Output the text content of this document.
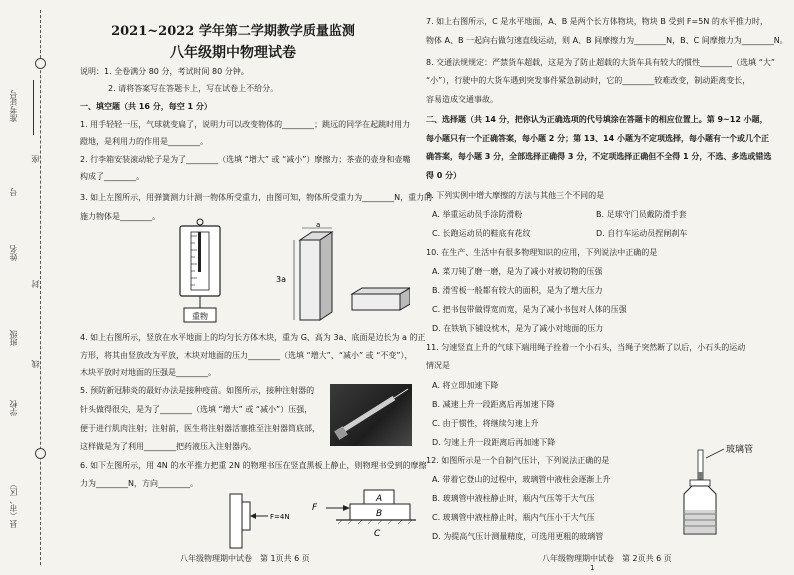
准考证号
座
号
姓名
封
班级
线
学校
县（市、区）
2021~2022 学年第二学期教学质量监测
八年级期中物理试卷
说明：1. 全卷满分 80 分，考试时间 80 分钟。
2. 请将答案写在答题卡上，写在试卷上不给分。
一、填空题（共 16 分，每空 1 分）
1. 用手轻轻一压，气球就变扁了，说明力可以改变物体的________；跳远的同学在起跳时用力
蹬地，是利用力的作用是________。
2. 行李箱安装滚动轮子是为了________（选填 “增大” 或 “减小”）摩擦力；茶壶的壶身和壶嘴
构成了________。
3. 如上左图所示，用弹簧测力计测一物体所受重力，由图可知，物体所受重力为________N，重力的
施力物体是________。
重物
a
3a
4. 如上右图所示，竖放在水平地面上的均匀长方体木块，重为 G、高为 3a、底面是边长为 a 的正
方形，将其由竖放改为平放，木块对地面的压力________（选填 “增大”、“减小” 或 “不变”），
木块平放时对地面的压强是________。
5. 预防新冠肺炎的最好办法是接种疫苗。如图所示，接种注射器的
针头做得很尖，是为了________（选填 “增大” 或 “减小”）压强，
便于进行肌肉注射；注射前，医生将注射器活塞推至注射器筒底部，
这样做是为了利用________把药液压入注射器内。
6. 如下左图所示，用 4N 的水平推力把重 2N 的物理书压在竖直黑板上静止，则物理书受到的摩擦
力为________N，方向________。
F=4N
F
A
B
C
八年级物理期中试卷　第 1页共 6 页
7. 如上右图所示，C 是水平地面，A、B 是两个长方体物块，物块 B 受到 F=5N 的水平推力时，
物体 A、B 一起向右做匀速直线运动，则 A、B 间摩擦力为________N，B、C 间摩擦力为________N。
8. 交通法规规定：严禁货车超载，这是为了防止超载的大货车具有较大的惯性________（选填 “大”
“小”），行驶中的大货车遇到突发事件紧急制动时，它的________较难改变，制动距离变长，
容易造成交通事故。
二、选择题（共 14 分，把你认为正确选项的代号填涂在答题卡的相应位置上。第 9~12 小题，
每小题只有一个正确答案，每小题 2 分；第 13、14 小题为不定项选择，每小题有一个或几个正
确答案，每小题 3 分，全部选择正确得 3 分，不定项选择正确但不全得 1 分，不选、多选或错选
得 0 分）
9. 下列实例中增大摩擦的方法与其他三个不同的是
A. 举重运动员手涂防滑粉	B. 足球守门员戴防滑手套
C. 长跑运动员的鞋底有花纹	D. 自行车运动员捏闸刹车
10. 在生产、生活中有很多物理知识的应用，下列说法中正确的是
A. 菜刀钝了磨一磨，是为了减小对被切物的压强
B. 滑雪板一般都有较大的面积，是为了增大压力
C. 把书包带做得宽而宽，是为了减小书包对人体的压强
D. 在铁轨下铺设枕木，是为了减小对地面的压力
11. 匀速竖直上升的气球下端用绳子拴着一个小石头，当绳子突然断了以后，小石头的运动
情况是
A. 将立即加速下降
B. 减速上升一段距离后再加速下降
C. 由于惯性，将继续匀速上升
D. 匀速上升一段距离后再加速下降
12. 如图所示是一个自制气压计，下列说法正确的是
A. 带着它登山的过程中，玻璃管中液柱会逐渐上升
B. 玻璃管中液柱静止时，瓶内气压等于大气压
C. 玻璃管中液柱静止时，瓶内气压小于大气压
D. 为提高气压计测量精度，可选用更粗的玻璃管
玻璃管
八年级物理期中试卷　第 2页共 6 页
1
